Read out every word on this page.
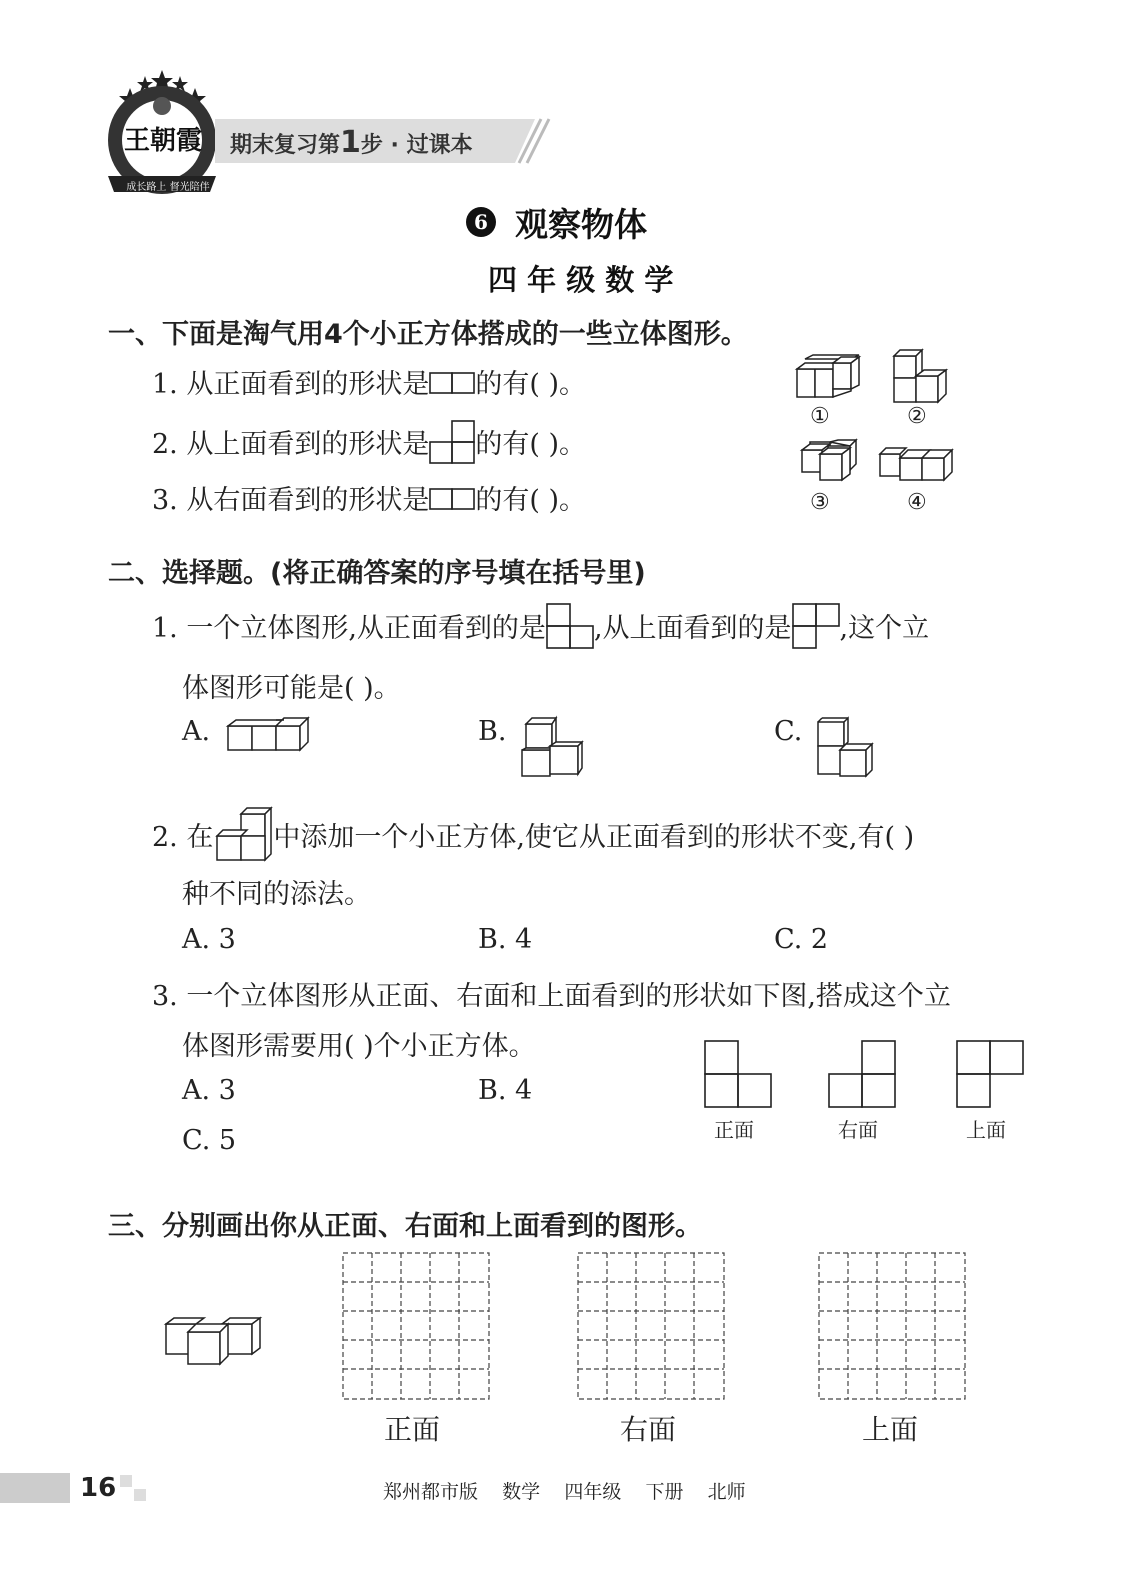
王朝霞
成长路上 督光陪伴
期末复习第1步 · 过课本
6 观察物体
四 年 级 数 学
一、下面是淘气用4个小正方体搭成的一些立体图形。
1. 从正面看到的形状是 的有( )。
2. 从上面看到的形状是 的有( )。
3. 从右面看到的形状是 的有( )。
①	②
③	④
二、选择题。(将正确答案的序号填在括号里)
1. 一个立体图形,从正面看到的是 ,从上面看到的是 ,这个立
体图形可能是( )。
A.	B.	C.
2. 在 中添加一个小正方体,使它从正面看到的形状不变,有( )
种不同的添法。
A. 3	B. 4	C. 2
3. 一个立体图形从正面、右面和上面看到的形状如下图,搭成这个立
体图形需要用( )个小正方体。
A. 3	B. 4
C. 5	正面	右面	上面
三、分别画出你从正面、右面和上面看到的图形。
正面	右面	上面
16	郑州都市版    数学    四年级    下册    北师
